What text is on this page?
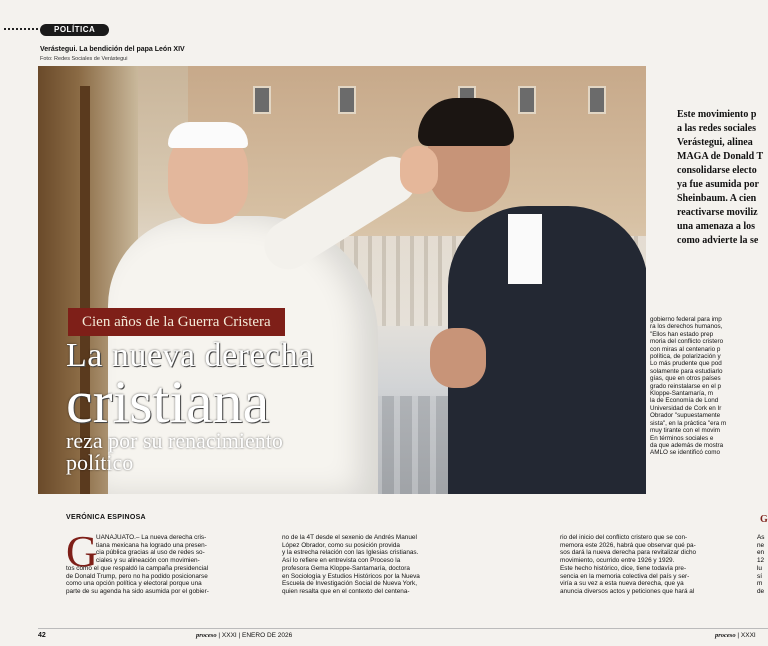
POLÍTICA
Verástegui. La bendición del papa León XIV
Foto: Redes Sociales de Verástegui
Cien años de la Guerra Cristera
La nueva derecha
cristiana
reza por su renacimiento
político
Este movimiento p
a las redes sociales
Verástegui, alinea
MAGA de Donald T
consolidarse electo
ya fue asumida por
Sheinbaum. A cien
reactivarse moviliz
una amenaza a los
como advierte la se
gobierno federal para imp
ra los derechos humanos,
"Ellos han estado prep
moria del conflicto cristero
con miras al centenario p
política, de polarización y
Lo más prudente que pod
solamente para estudiarlo
gías, que en otros países
grado reinstalarse en el p
Kloppe-Santamaría, m
la de Economía de Lond
Universidad de Cork en Ir
Obrador "supuestamente
sista", en la práctica "era m
muy tirante con el movim
En términos sociales e
da que además de mostra
AMLO se identificó como
VERÓNICA ESPINOSA
G
UANAJUATO.– La nueva derecha cris-
tiana mexicana ha logrado una presen-
cia pública gracias al uso de redes so-
ciales y su alineación con movimien-
tos como el que respaldó la campaña presidencial
de Donald Trump, pero no ha podido posicionarse
como una opción política y electoral porque una
parte de su agenda ha sido asumida por el gobier-
no de la 4T desde el sexenio de Andrés Manuel
López Obrador, como su posición provida
y la estrecha relación con las Iglesias cristianas.
Así lo refiere en entrevista con Proceso la
profesora Gema Kloppe-Santamaría, doctora
en Sociología y Estudios Históricos por la Nueva
Escuela de Investigación Social de Nueva York,
quien resalta que en el contexto del centena-
rio del inicio del conflicto cristero que se con-
memora este 2026, habrá que observar qué pa-
sos dará la nueva derecha para revitalizar dicho
movimiento, ocurrido entre 1926 y 1929.
Este hecho histórico, dice, tiene todavía pre-
sencia en la memoria colectiva del país y ser-
viría a su vez a esta nueva derecha, que ya
anuncia diversos actos y peticiones que hará al
G
As
ne
en
12
lu
sí
m
de
42	proceso | XXXI | ENERO DE 2026	proceso | XXXI
